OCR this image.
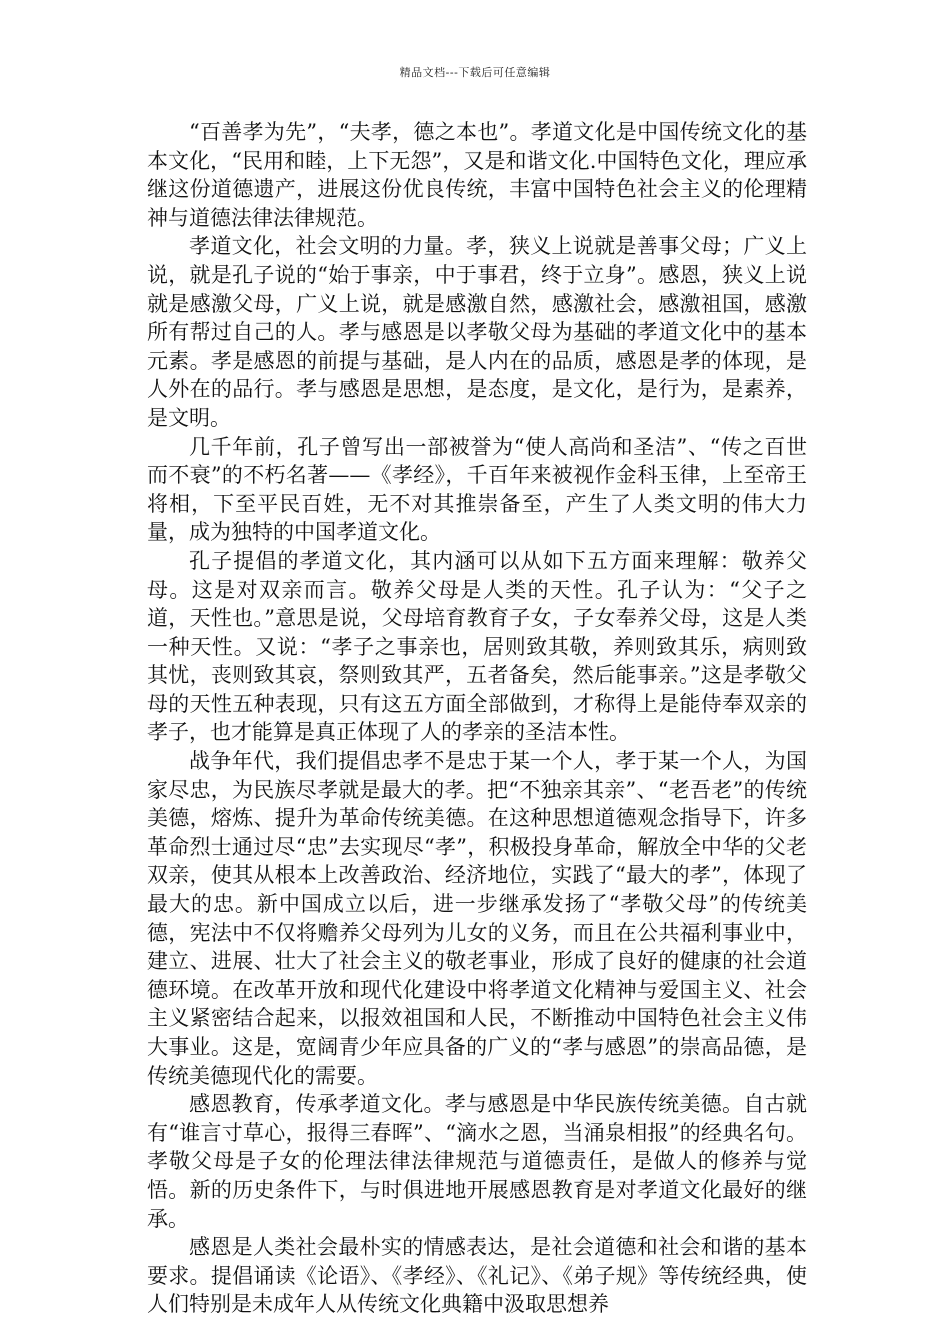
精品文档---下载后可任意编辑

“百善孝为先”，“夫孝，德之本也”。孝道文化是中国传统文化的基本文化，“民用和睦，上下无怨”，又是和谐文化.中国特色文化，理应承继这份道德遗产，进展这份优良传统，丰富中国特色社会主义的伦理精神与道德法律法律规范。

孝道文化，社会文明的力量。孝，狭义上说就是善事父母；广义上说，就是孔子说的“始于事亲，中于事君，终于立身”。感恩，狭义上说就是感激父母，广义上说，就是感激自然，感激社会，感激祖国，感激所有帮过自己的人。孝与感恩是以孝敬父母为基础的孝道文化中的基本元素。孝是感恩的前提与基础，是人内在的品质，感恩是孝的体现，是人外在的品行。孝与感恩是思想，是态度，是文化，是行为，是素养，是文明。

几千年前，孔子曾写出一部被誉为“使人高尚和圣洁”、“传之百世而不衰”的不朽名著——《孝经》，千百年来被视作金科玉律，上至帝王将相，下至平民百姓，无不对其推崇备至，产生了人类文明的伟大力量，成为独特的中国孝道文化。

孔子提倡的孝道文化，其内涵可以从如下五方面来理解：敬养父母。这是对双亲而言。敬养父母是人类的天性。孔子认为：“父子之道，天性也。”意思是说，父母培育教育子女，子女奉养父母，这是人类一种天性。又说：“孝子之事亲也，居则致其敬，养则致其乐，病则致其忧，丧则致其哀，祭则致其严，五者备矣，然后能事亲。”这是孝敬父母的天性五种表现，只有这五方面全部做到，才称得上是能侍奉双亲的孝子，也才能算是真正体现了人的孝亲的圣洁本性。

战争年代，我们提倡忠孝不是忠于某一个人，孝于某一个人，为国家尽忠，为民族尽孝就是最大的孝。把“不独亲其亲”、“老吾老”的传统美德，熔炼、提升为革命传统美德。在这种思想道德观念指导下，许多革命烈士通过尽“忠”去实现尽“孝”，积极投身革命，解放全中华的父老双亲，使其从根本上改善政治、经济地位，实践了“最大的孝”，体现了最大的忠。新中国成立以后，进一步继承发扬了“孝敬父母”的传统美德，宪法中不仅将赡养父母列为儿女的义务，而且在公共福利事业中，建立、进展、壮大了社会主义的敬老事业，形成了良好的健康的社会道德环境。在改革开放和现代化建设中将孝道文化精神与爱国主义、社会主义紧密结合起来，以报效祖国和人民，不断推动中国特色社会主义伟大事业。这是，宽阔青少年应具备的广义的“孝与感恩”的崇高品德，是传统美德现代化的需要。

感恩教育，传承孝道文化。孝与感恩是中华民族传统美德。自古就有“谁言寸草心，报得三春晖”、“滴水之恩，当涌泉相报”的经典名句。孝敬父母是子女的伦理法律法律规范与道德责任，是做人的修养与觉悟。新的历史条件下，与时俱进地开展感恩教育是对孝道文化最好的继承。

感恩是人类社会最朴实的情感表达，是社会道德和社会和谐的基本要求。提倡诵读《论语》、《孝经》、《礼记》、《弟子规》等传统经典，使人们特别是未成年人从传统文化典籍中汲取思想养
